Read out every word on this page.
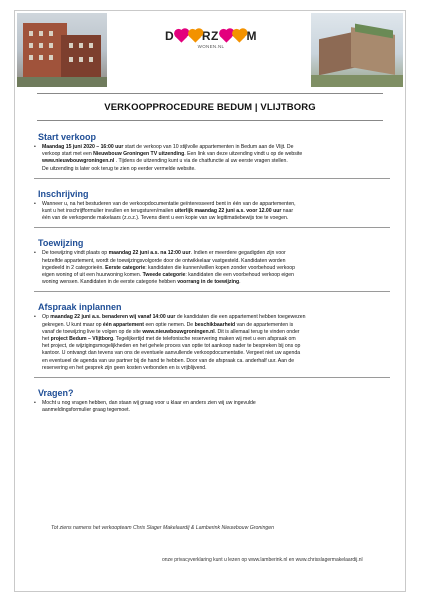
D RZ M
WONEN.NL
VERKOOPPROCEDURE BEDUM | VLIJTBORG
Start verkoop
•	Maandag 15 juni 2020 – 16:00 uur start de verkoop van 10 stijlvolle appartementen in Bedum aan de Vlijt. De
verkoop start met een Nieuwbouw Groningen TV uitzending. Een link van deze uitzending vindt u op de website
www.nieuwbouwgroningen.nl . Tijdens de uitzending kunt u via de chatfunctie al uw eerste vragen stellen.
De uitzending is later ook terug te zien op eerder vermelde website.
Inschrijving
•	Wanneer u, na het bestuderen van de verkoopdocumentatie geïnteresseerd bent in één van de appartementen,
kunt u het inschrijfformulier invullen en terugsturen/mailen uiterlijk maandag 22 juni a.s. voor 12.00 uur naar
één van de verkopende makelaars (z.o.z.). Tevens dient u een kopie van uw legitimatiebewijs toe te voegen.
Toewijzing
•	De toewijzing vindt plaats op maandag 22 juni a.s. na 12:00 uur. Indien er meerdere gegadigden zijn voor
hetzelfde appartement, wordt de toewijzingsvolgorde door de ontwikkelaar vastgesteld. Kandidaten worden
ingedeeld in 2 categorieën. Eerste categorie: kandidaten die kunnen/willen kopen zonder voorbehoud verkoop
eigen woning of uit een huurwoning komen. Tweede categorie: kandidaten die een voorbehoud verkoop eigen
woning wensen. Kandidaten in de eerste categorie hebben voorrang in de toewijzing.
Afspraak inplannen
•	Op maandag 22 juni a.s. benaderen wij vanaf 14:00 uur de kandidaten die een appartement hebben toegewezen
gekregen. U kunt maar op één appartement een optie nemen. De beschikbaarheid van de appartementen is
vanaf de toewijzing live te volgen op de site www.nieuwbouwgroningen.nl. Dit is allemaal terug te vinden onder
het project Bedum – Vlijtborg. Tegelijkertijd met de telefonische reservering maken wij met u een afspraak om
het project, de wijzigingsmogelijkheden en het gehele proces van optie tot aankoop nader te bespreken bij ons op
kantoor. U ontvangt dan tevens van ons de eventuele aanvullende verkoopdocumentatie. Vergeet niet uw agenda
en eventueel de agenda van uw partner bij de hand te hebben. Door van de afspraak ca. anderhalf uur. Aan de
reservering en het gesprek zijn geen kosten verbonden en is vrijblijvend.
Vragen?
•	Mocht u nog vragen hebben, dan staan wij graag voor u klaar en anders zien wij uw ingevulde
aanmeldingsformulier graag tegemoet.
Tot ziens namens het verkoopteam Chris Slager Makelaardij & Lamberink Nieuwbouw Groningen
onze privacyverklaring kunt u lezen op www.lamberink.nl en www.chrisslagermakelaardij.nl
